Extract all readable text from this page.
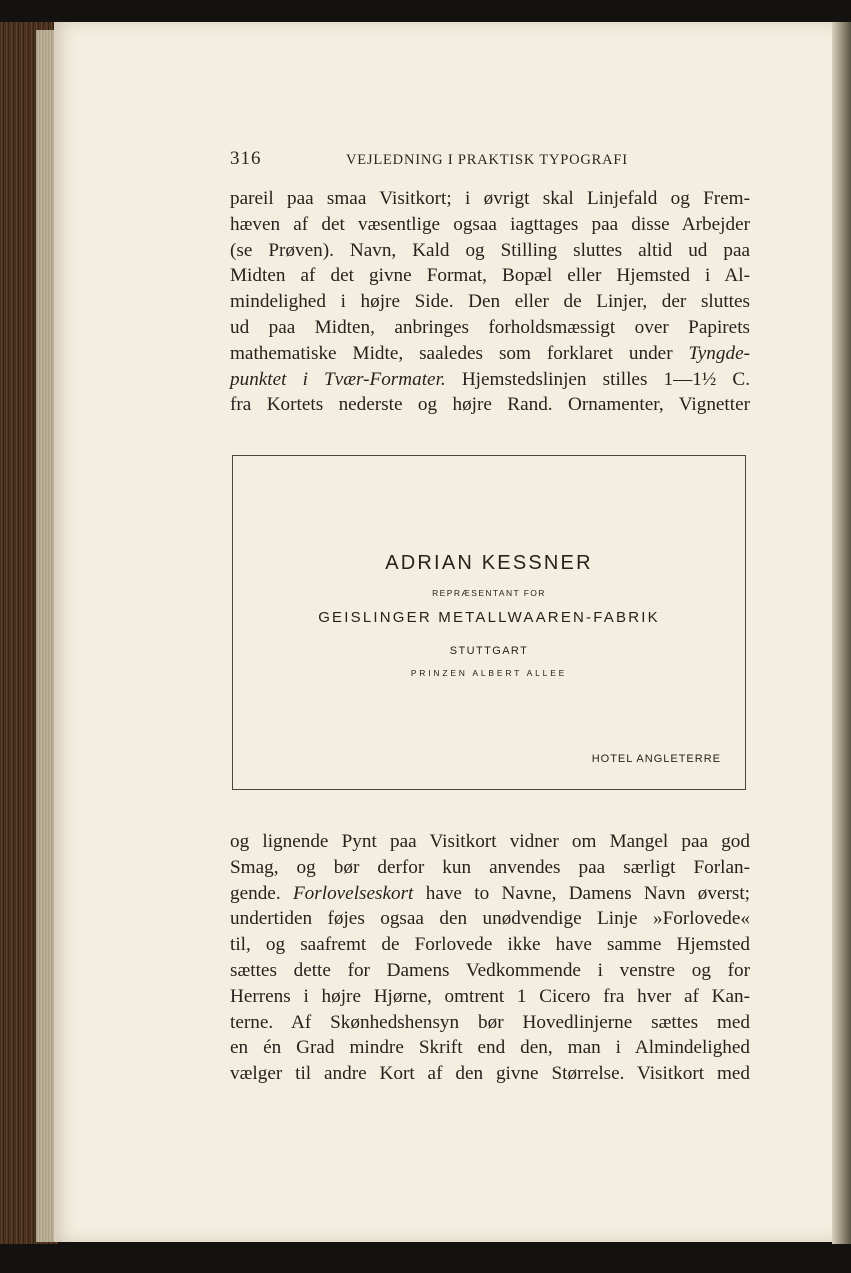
316	VEJLEDNING I PRAKTISK TYPOGRAFI
pareil paa smaa Visitkort; i øvrigt skal Linjefald og Frem-
hæven af det væsentlige ogsaa iagttages paa disse Arbejder
(se Prøven). Navn, Kald og Stilling sluttes altid ud paa
Midten af det givne Format, Bopæl eller Hjemsted i Al-
mindelighed i højre Side. Den eller de Linjer, der sluttes
ud paa Midten, anbringes forholdsmæssigt over Papirets
mathematiske Midte, saaledes som forklaret under Tyngde-
punktet i Tvær-Formater. Hjemstedslinjen stilles 1—1½ C.
fra Kortets nederste og højre Rand. Ornamenter, Vignetter
ADRIAN KESSNER
REPRÆSENTANT FOR
GEISLINGER METALLWAAREN-FABRIK
STUTTGART
PRINZEN ALBERT ALLEE
HOTEL ANGLETERRE
og lignende Pynt paa Visitkort vidner om Mangel paa god
Smag, og bør derfor kun anvendes paa særligt Forlan-
gende. Forlovelseskort have to Navne, Damens Navn øverst;
undertiden føjes ogsaa den unødvendige Linje »Forlovede«
til, og saafremt de Forlovede ikke have samme Hjemsted
sættes dette for Damens Vedkommende i venstre og for
Herrens i højre Hjørne, omtrent 1 Cicero fra hver af Kan-
terne. Af Skønhedshensyn bør Hovedlinjerne sættes med
en én Grad mindre Skrift end den, man i Almindelighed
vælger til andre Kort af den givne Størrelse. Visitkort med
